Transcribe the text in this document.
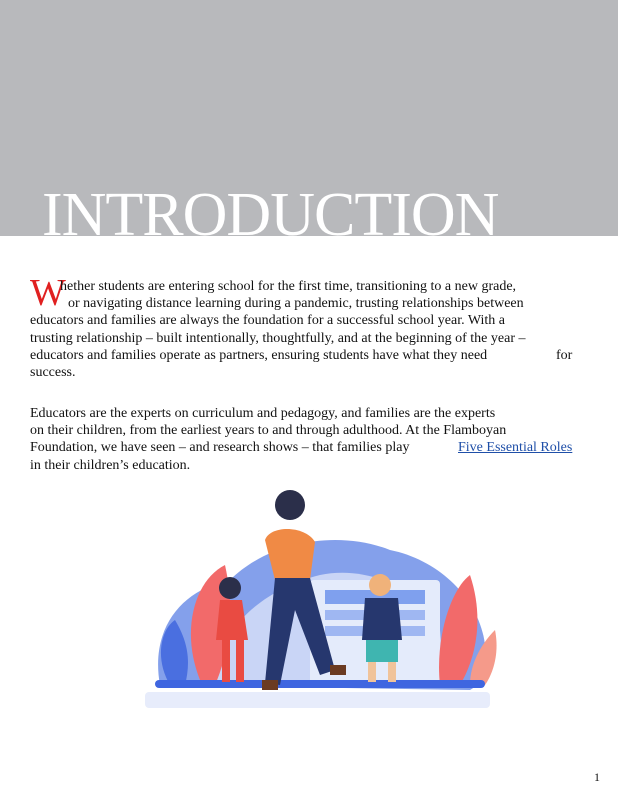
INTRODUCTION
W
hether students are entering school for the first time, transitioning to a new grade,
or navigating distance learning during a pandemic, trusting relationships between
educators and families are always the foundation for a successful school year. With a
trusting relationship – built intentionally, thoughtfully, and at the beginning of the year –
educators and families operate as partners, ensuring students have what they need	for
success.
Educators are the experts on curriculum and pedagogy, and families are the experts
on their children, from the earliest years to and through adulthood. At the Flamboyan
Foundation, we have seen – and research shows – that families play	Five Essential Roles
in their children’s education.
1
